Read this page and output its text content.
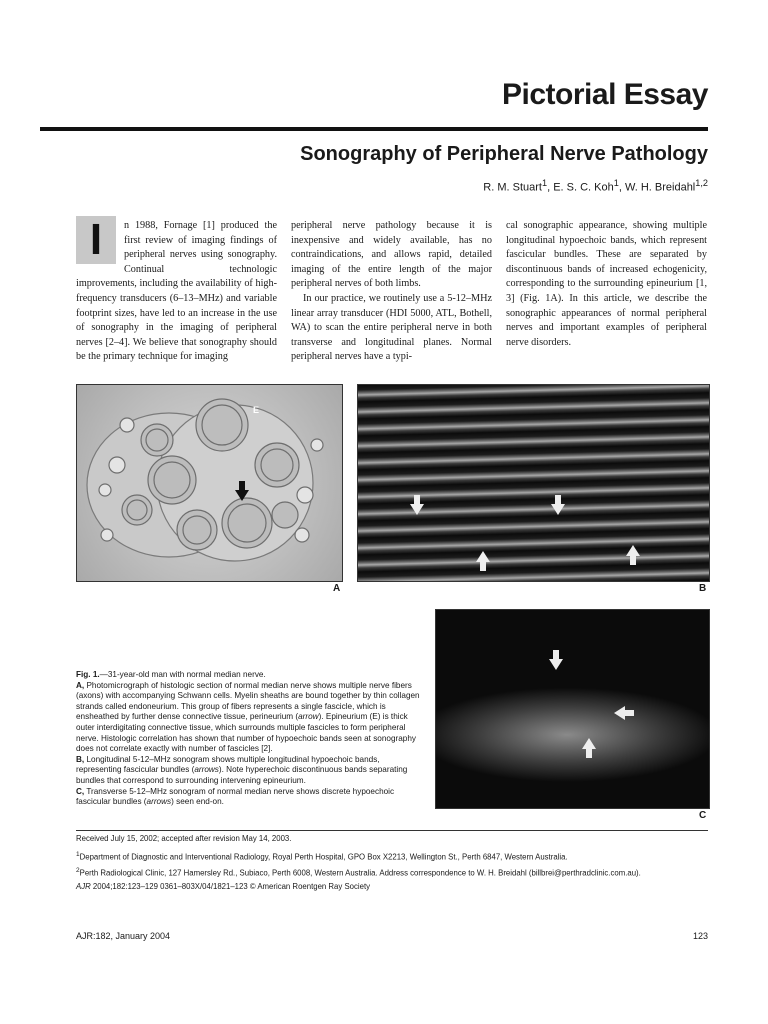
Pictorial Essay
Sonography of Peripheral Nerve Pathology
R. M. Stuart$^1$, E. S. C. Koh$^1$, W. H. Breidahl$^{1,2}$

I	n 1988, Fornage [1] produced the first review of imaging findings of peripheral nerves using sonography. Continual technologic improvements, including the availability of high-frequency transducers (6–13–MHz) and variable footprint sizes, have led to an increase in the use of sonography in the imaging of peripheral nerves [2–4]. We believe that sonography should be the primary technique for imaging

peripheral nerve pathology because it is inexpensive and widely available, has no contraindications, and allows rapid, detailed imaging of the entire length of the major peripheral nerves of both limbs.

In our practice, we routinely use a 5-12–MHz linear array transducer (HDI 5000, ATL, Bothell, WA) to scan the entire peripheral nerve in both transverse and longitudinal planes. Normal peripheral nerves have a typi-

cal sonographic appearance, showing multiple longitudinal hypoechoic bands, which represent fascicular bundles. These are separated by discontinuous bands of increased echogenicity, corresponding to the surrounding epineurium [1, 3] (Fig. 1A). In this article, we describe the sonographic appearances of normal peripheral nerves and important examples of peripheral nerve disorders.

E
A	B
C
Fig. 1.—31-year-old man with normal median nerve.
A, Photomicrograph of histologic section of normal median nerve shows multiple nerve fibers (axons) with accompanying Schwann cells. Myelin sheaths are bound together by thin collagen strands called endoneurium. This group of fibers represents a single fascicle, which is ensheathed by further dense connective tissue, perineurium (arrow). Epineurium (E) is thick outer interdigitating connective tissue, which surrounds multiple fascicles to form peripheral nerve. Histologic correlation has shown that number of hypoechoic bands seen at sonography does not correlate exactly with number of fascicles [2].
B, Longitudinal 5-12–MHz sonogram shows multiple longitudinal hypoechoic bands, representing fascicular bundles (arrows). Note hyperechoic discontinuous bands separating bundles that correspond to surrounding intervening epineurium.
C, Transverse 5-12–MHz sonogram of normal median nerve shows discrete hypoechoic fascicular bundles (arrows) seen end-on.
Received July 15, 2002; accepted after revision May 14, 2003.
$^1$Department of Diagnostic and Interventional Radiology, Royal Perth Hospital, GPO Box X2213, Wellington St., Perth 6847, Western Australia.
$^2$Perth Radiological Clinic, 127 Hamersley Rd., Subiaco, Perth 6008, Western Australia. Address correspondence to W. H. Breidahl (billbrei@perthradclinic.com.au).
AJR 2004;182:123–129 0361–803X/04/1821–123 © American Roentgen Ray Society
AJR:182, January 2004	123
